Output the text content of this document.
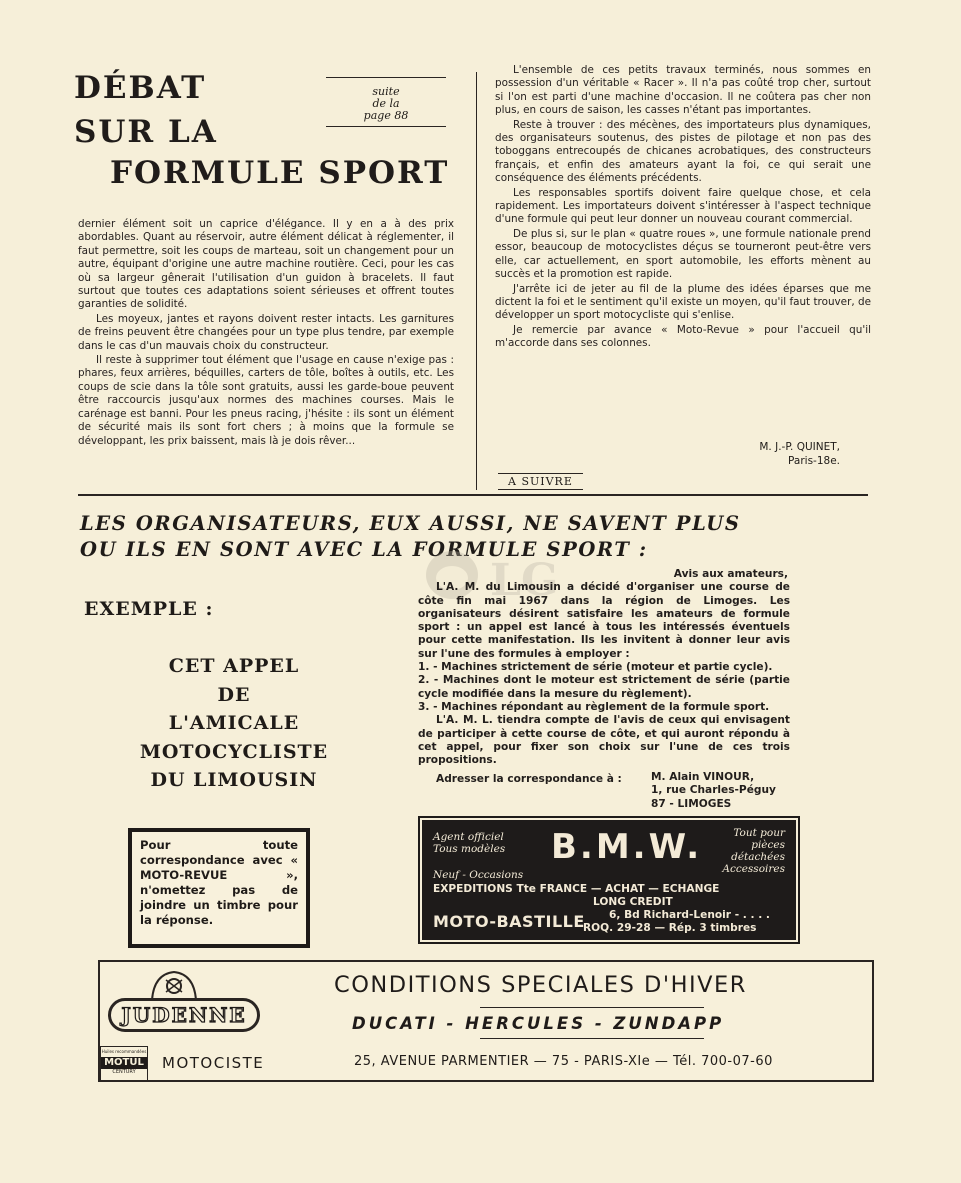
DÉBAT
SUR LA
FORMULE SPORT
suite
de la
page 88

dernier élément soit un caprice d'élégance. Il y en a à des prix abordables. Quant au réservoir, autre élément délicat à réglementer, il faut permettre, soit les coups de marteau, soit un changement pour un autre, équipant d'origine une autre machine routière. Ceci, pour les cas où sa largeur gênerait l'utilisation d'un guidon à bracelets. Il faut surtout que toutes ces adaptations soient sérieuses et offrent toutes garanties de solidité.

Les moyeux, jantes et rayons doivent rester intacts. Les garnitures de freins peuvent être changées pour un type plus tendre, par exemple dans le cas d'un mauvais choix du constructeur.

Il reste à supprimer tout élément que l'usage en cause n'exige pas : phares, feux arrières, béquilles, carters de tôle, boîtes à outils, etc. Les coups de scie dans la tôle sont gratuits, aussi les garde-boue peuvent être raccourcis jusqu'aux normes des machines courses. Mais le carénage est banni. Pour les pneus racing, j'hésite : ils sont un élément de sécurité mais ils sont fort chers ; à moins que la formule se développant, les prix baissent, mais là je dois rêver...

L'ensemble de ces petits travaux terminés, nous sommes en possession d'un véritable « Racer ». Il n'a pas coûté trop cher, surtout si l'on est parti d'une machine d'occasion. Il ne coûtera pas cher non plus, en cours de saison, les casses n'étant pas importantes.

Reste à trouver : des mécènes, des importateurs plus dynamiques, des organisateurs soutenus, des pistes de pilotage et non pas des toboggans entrecoupés de chicanes acrobatiques, des constructeurs français, et enfin des amateurs ayant la foi, ce qui serait une conséquence des éléments précédents.

Les responsables sportifs doivent faire quelque chose, et cela rapidement. Les importateurs doivent s'intéresser à l'aspect technique d'une formule qui peut leur donner un nouveau courant commercial.

De plus si, sur le plan « quatre roues », une formule nationale prend essor, beaucoup de motocyclistes déçus se tourneront peut-être vers elle, car actuellement, en sport automobile, les efforts mènent au succès et la promotion est rapide.

J'arrête ici de jeter au fil de la plume des idées éparses que me dictent la foi et le sentiment qu'il existe un moyen, qu'il faut trouver, de développer un sport motocycliste qui s'enlise.

Je remercie par avance « Moto-Revue » pour l'accueil qu'il m'accorde dans ses colonnes.

M. J.-P. QUINET,
Paris-18e.
A SUIVRE
LES ORGANISATEURS, EUX AUSSI, NE SAVENT PLUS
OU ILS EN SONT AVEC LA FORMULE SPORT :
LG
EXEMPLE :
CET APPEL
DE
L'AMICALE
MOTOCYCLISTE
DU LIMOUSIN
Avis aux amateurs,
L'A. M. du Limousin a décidé d'organiser une course de côte fin mai 1967 dans la région de Limoges. Les organisateurs désirent satisfaire les amateurs de formule sport : un appel est lancé à tous les intéressés éventuels pour cette manifestation. Ils les invitent à donner leur avis sur l'une des formules à employer :
1. - Machines strictement de série (moteur et partie cycle).
2. - Machines dont le moteur est strictement de série (partie cycle modifiée dans la mesure du règlement).
3. - Machines répondant au règlement de la formule sport.
L'A. M. L. tiendra compte de l'avis de ceux qui envisagent de participer à cette course de côte, et qui auront répondu à cet appel, pour fixer son choix sur l'une de ces trois propositions.
Adresser la correspondance à :	M. Alain VINOUR,
1, rue Charles-Péguy
87 - LIMOGES
Pour toute correspondance avec « MOTO-REVUE », n'omettez pas de joindre un timbre pour la réponse.
Agent officiel
Tous modèles B.M.W.	Tout pour
pièces
détachées
Accessoires
Neuf - Occasions
EXPEDITIONS Tte FRANCE — ACHAT — ECHANGE
LONG CREDIT
MOTO-BASTILLE 6, Bd Richard-Lenoir - . . . .
ROQ. 29-28 — Rép. 3 timbres
JUDENNE
Huiles recommandées
MOTUL
CENTURY	MOTOCISTE
CONDITIONS SPECIALES D'HIVER
DUCATI - HERCULES - ZUNDAPP
25, AVENUE PARMENTIER — 75 - PARIS-XIe — Tél. 700-07-60
